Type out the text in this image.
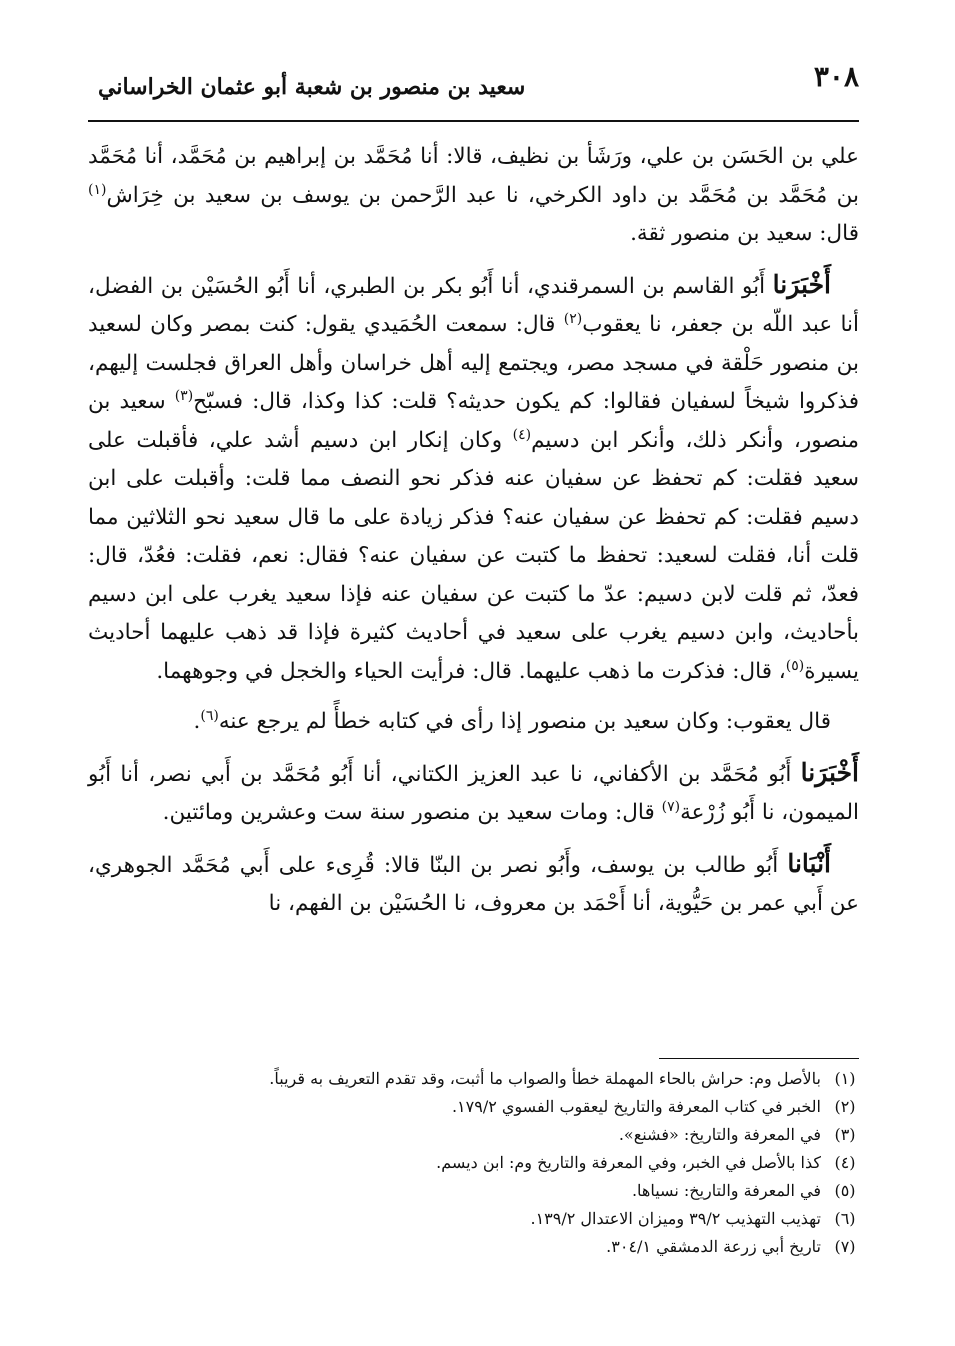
٣٠٨
سعيد بن منصور بن شعبة أبو عثمان الخراساني

علي بن الحَسَن بن علي، ورَشَأ بن نظيف، قالا: أنا مُحَمَّد بن إبراهيم بن مُحَمَّد، أنا مُحَمَّد بن مُحَمَّد بن مُحَمَّد بن داود الكرخي، نا عبد الرَّحمن بن يوسف بن سعيد بن خِرَاش$^{(١)}$ قال: سعيد بن منصور ثقة.

أَخْبَرَنا أَبُو القاسم بن السمرقندي، أنا أَبُو بكر بن الطبري، أنا أَبُو الحُسَيْن بن الفضل، أنا عبد اللّه بن جعفر، نا يعقوب$^{(٢)}$ قال: سمعت الحُمَيدي يقول: كنت بمصر وكان لسعيد بن منصور حَلْقة في مسجد مصر، ويجتمع إليه أهل خراسان وأهل العراق فجلست إليهم، فذكروا شيخاً لسفيان فقالوا: كم يكون حديثه؟ قلت: كذا وكذا، قال: فسبّح$^{(٣)}$ سعيد بن منصور، وأنكر ذلك، وأنكر ابن دسيم$^{(٤)}$ وكان إنكار ابن دسيم أشد علي، فأقبلت على سعيد فقلت: كم تحفظ عن سفيان عنه فذكر نحو النصف مما قلت: وأقبلت على ابن دسيم فقلت: كم تحفظ عن سفيان عنه؟ فذكر زيادة على ما قال سعيد نحو الثلاثين مما قلت أنا، فقلت لسعيد: تحفظ ما كتبت عن سفيان عنه؟ فقال: نعم، فقلت: فعُدّ، قال: فعدّ، ثم قلت لابن دسيم: عدّ ما كتبت عن سفيان عنه فإذا سعيد يغرب على ابن دسيم بأحاديث، وابن دسيم يغرب على سعيد في أحاديث كثيرة فإذا قد ذهب عليهما أحاديث يسيرة$^{(٥)}$، قال: فذكرت ما ذهب عليهما. قال: فرأيت الحياء والخجل في وجوههما.

قال يعقوب: وكان سعيد بن منصور إذا رأى في كتابه خطأً لم يرجع عنه$^{(٦)}$.

أَخْبَرَنا أَبُو مُحَمَّد بن الأكفاني، نا عبد العزيز الكتاني، أنا أَبُو مُحَمَّد بن أَبي نصر، أنا أَبُو الميمون، نا أَبُو زُرْعة$^{(٧)}$ قال: ومات سعيد بن منصور سنة ست وعشرين ومائتين.

أَنْبَانا أَبُو طالب بن يوسف، وأَبُو نصر بن البنّا قالا: قُرِىء على أَبي مُحَمَّد الجوهري، عن أَبي عمر بن حَيُّوية، أنا أَحْمَد بن معروف، نا الحُسَيْن بن الفهم، نا

(١)
بالأصل وم: حراش بالحاء المهملة خطأ والصواب ما أثبت، وقد تقدم التعريف به قريباً.
(٢)
الخبر في كتاب المعرفة والتاريخ ليعقوب الفسوي ١٧٩/٢.
(٣)
في المعرفة والتاريخ: «فشنع».
(٤)
كذا بالأصل في الخبر، وفي المعرفة والتاريخ وم: ابن ديسم.
(٥)
في المعرفة والتاريخ: نسياها.
(٦)
تهذيب التهذيب ٣٩/٢ وميزان الاعتدال ١٣٩/٢.
(٧)
تاريخ أبي زرعة الدمشقي ٣٠٤/١.
